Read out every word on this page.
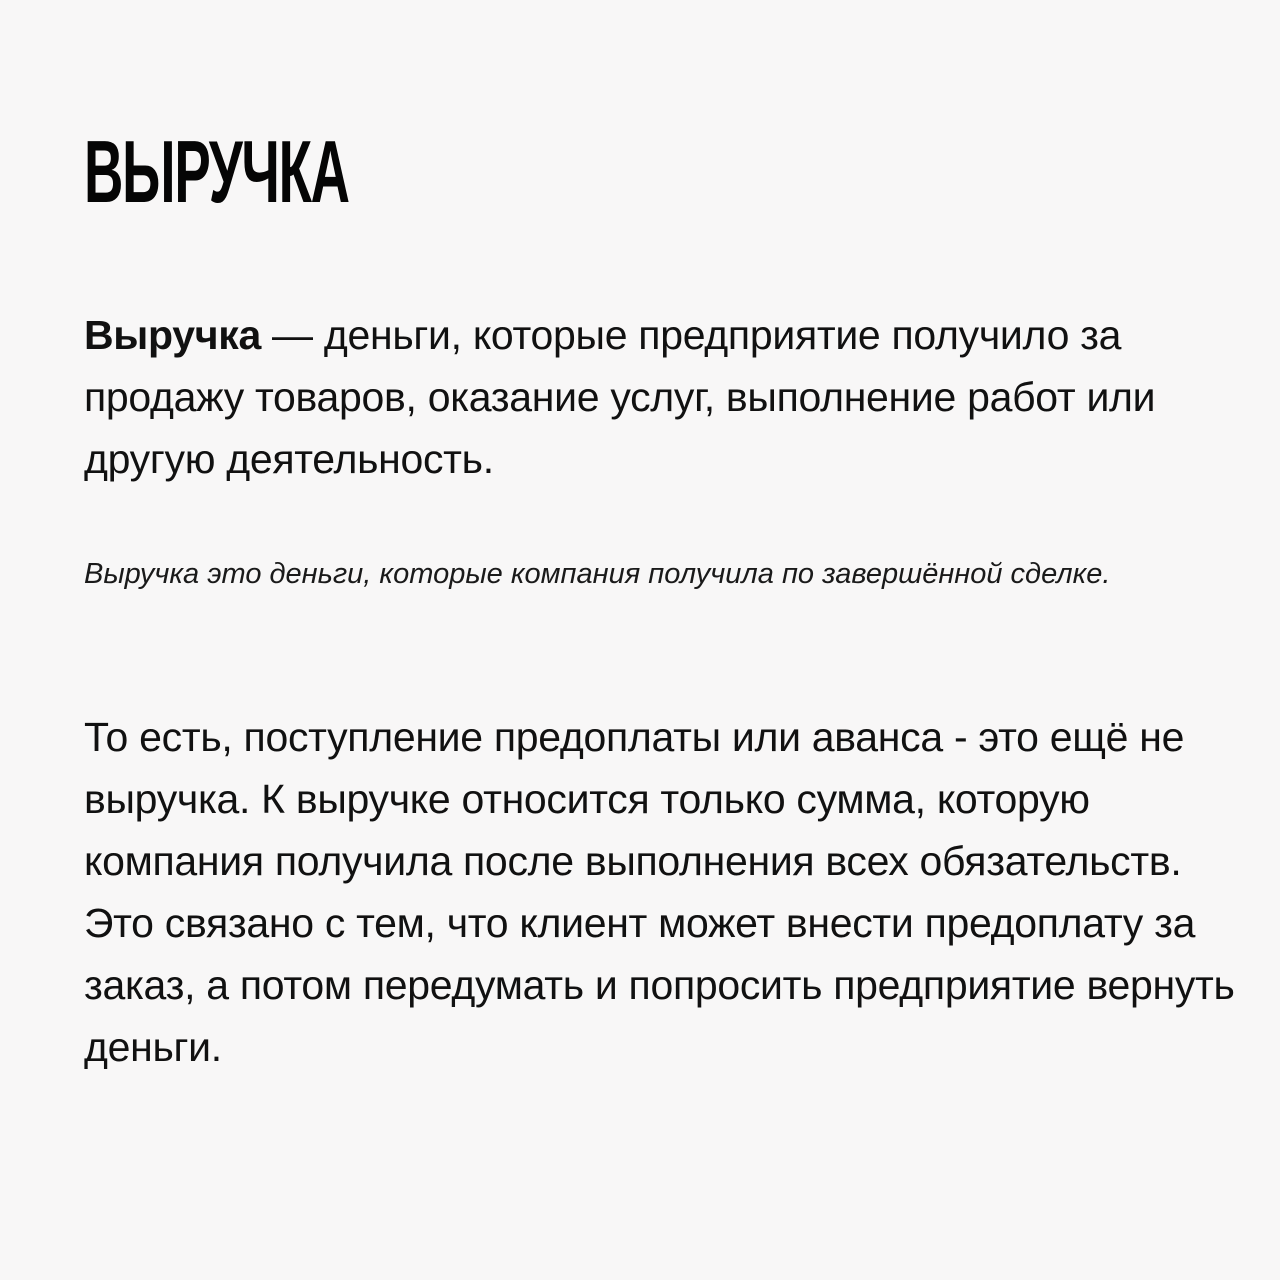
ВЫРУЧКА

Выручка — деньги, которые предприятие получило за продажу товаров, оказание услуг, выполнение работ или другую деятельность.

Выручка это деньги, которые компания получила по завершённой сделке.

То есть, поступление предоплаты или аванса - это ещё не выручка. К выручке относится только сумма, которую компания получила после выполнения всех обязательств. Это связано с тем, что клиент может внести предоплату за заказ, а потом передумать и попросить предприятие вернуть деньги.
